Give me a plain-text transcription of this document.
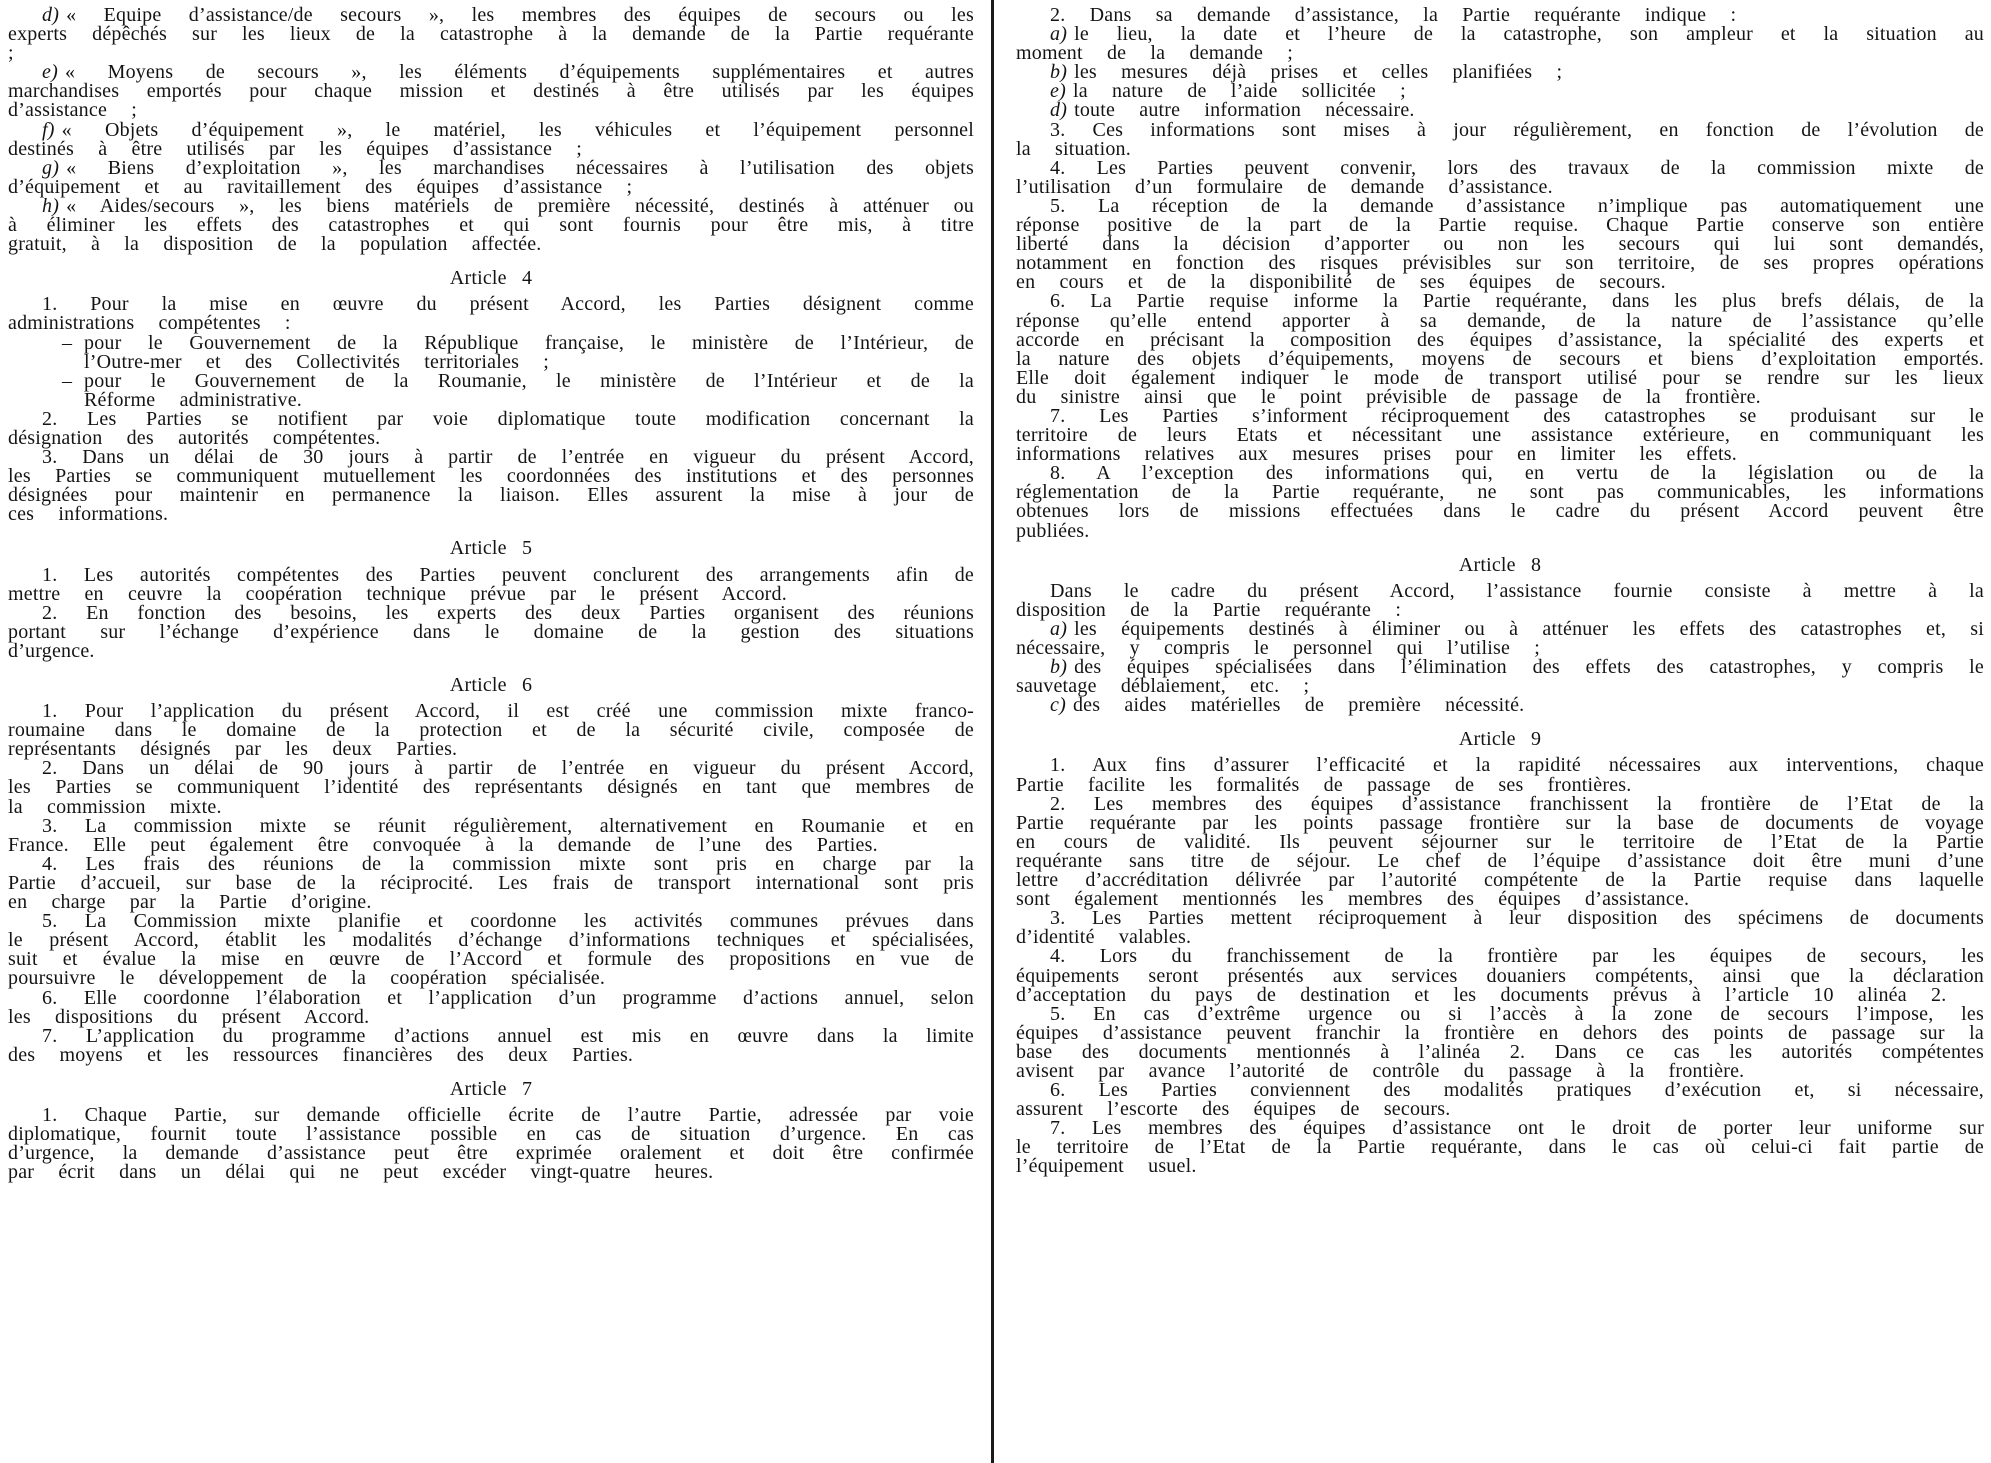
d) « Equipe d’assistance/de secours », les membres des équipes de secours ou les experts dépêchés sur les lieux de la catastrophe à la demande de la Partie requérante ;

e) « Moyens de secours », les éléments d’équipements supplémentaires et autres marchandises emportés pour chaque mission et destinés à être utilisés par les équipes d’assistance ;

f) « Objets d’équipement », le matériel, les véhicules et l’équipement personnel destinés à être utilisés par les équipes d’assistance ;

g) « Biens d’exploitation », les marchandises nécessaires à l’utilisation des objets d’équipement et au ravitaillement des équipes d’assistance ;

h) « Aides/secours », les biens matériels de première nécessité, destinés à atténuer ou à éliminer les effets des catastrophes et qui sont fournis pour être mis, à titre gratuit, à la disposition de la population affectée.

Article 4

1. Pour la mise en œuvre du présent Accord, les Parties désignent comme administrations compétentes :

– pour le Gouvernement de la République française, le ministère de l’Intérieur, de l’Outre-mer et des Collectivités territoriales ;

– pour le Gouvernement de la Roumanie, le ministère de l’Intérieur et de la Réforme administrative.

2. Les Parties se notifient par voie diplomatique toute modification concernant la désignation des autorités compétentes.

3. Dans un délai de 30 jours à partir de l’entrée en vigueur du présent Accord, les Parties se communiquent mutuellement les coordonnées des institutions et des personnes désignées pour maintenir en permanence la liaison. Elles assurent la mise à jour de ces informations.

Article 5

1. Les autorités compétentes des Parties peuvent conclurent des arrangements afin de mettre en ceuvre la coopération technique prévue par le présent Accord.

2. En fonction des besoins, les experts des deux Parties organisent des réunions portant sur l’échange d’expérience dans le domaine de la gestion des situations d’urgence.

Article 6

1. Pour l’application du présent Accord, il est créé une commission mixte franco-roumaine dans le domaine de la protection et de la sécurité civile, composée de représentants désignés par les deux Parties.

2. Dans un délai de 90 jours à partir de l’entrée en vigueur du présent Accord, les Parties se communiquent l’identité des représentants désignés en tant que membres de la commission mixte.

3. La commission mixte se réunit régulièrement, alternativement en Roumanie et en France. Elle peut également être convoquée à la demande de l’une des Parties.

4. Les frais des réunions de la commission mixte sont pris en charge par la Partie d’accueil, sur base de la réciprocité. Les frais de transport international sont pris en charge par la Partie d’origine.

5. La Commission mixte planifie et coordonne les activités communes prévues dans le présent Accord, établit les modalités d’échange d’informations techniques et spécialisées, suit et évalue la mise en œuvre de l’Accord et formule des propositions en vue de poursuivre le développement de la coopération spécialisée.

6. Elle coordonne l’élaboration et l’application d’un programme d’actions annuel, selon les dispositions du présent Accord.

7. L’application du programme d’actions annuel est mis en œuvre dans la limite des moyens et les ressources financières des deux Parties.

Article 7

1. Chaque Partie, sur demande officielle écrite de l’autre Partie, adressée par voie diplomatique, fournit toute l’assistance possible en cas de situation d’urgence. En cas d’urgence, la demande d’assistance peut être exprimée oralement et doit être confirmée par écrit dans un délai qui ne peut excéder vingt-quatre heures.

2. Dans sa demande d’assistance, la Partie requérante indique :

a) le lieu, la date et l’heure de la catastrophe, son ampleur et la situation au moment de la demande ;

b) les mesures déjà prises et celles planifiées ;

e) la nature de l’aide sollicitée ;

d) toute autre information nécessaire.

3. Ces informations sont mises à jour régulièrement, en fonction de l’évolution de la situation.

4. Les Parties peuvent convenir, lors des travaux de la commission mixte de l’utilisation d’un formulaire de demande d’assistance.

5. La réception de la demande d’assistance n’implique pas automatiquement une réponse positive de la part de la Partie requise. Chaque Partie conserve son entière liberté dans la décision d’apporter ou non les secours qui lui sont demandés, notamment en fonction des risques prévisibles sur son territoire, de ses propres opérations en cours et de la disponibilité de ses équipes de secours.

6. La Partie requise informe la Partie requérante, dans les plus brefs délais, de la réponse qu’elle entend apporter à sa demande, de la nature de l’assistance qu’elle accorde en précisant la composition des équipes d’assistance, la spécialité des experts et la nature des objets d’équipements, moyens de secours et biens d’exploitation emportés. Elle doit également indiquer le mode de transport utilisé pour se rendre sur les lieux du sinistre ainsi que le point prévisible de passage de la frontière.

7. Les Parties s’informent réciproquement des catastrophes se produisant sur le territoire de leurs Etats et nécessitant une assistance extérieure, en communiquant les informations relatives aux mesures prises pour en limiter les effets.

8. A l’exception des informations qui, en vertu de la législation ou de la réglementation de la Partie requérante, ne sont pas communicables, les informations obtenues lors de missions effectuées dans le cadre du présent Accord peuvent être publiées.

Article 8

Dans le cadre du présent Accord, l’assistance fournie consiste à mettre à la disposition de la Partie requérante :

a) les équipements destinés à éliminer ou à atténuer les effets des catastrophes et, si nécessaire, y compris le personnel qui l’utilise ;

b) des équipes spécialisées dans l’élimination des effets des catastrophes, y compris le sauvetage déblaiement, etc. ;

c) des aides matérielles de première nécessité.

Article 9

1. Aux fins d’assurer l’efficacité et la rapidité nécessaires aux interventions, chaque Partie facilite les formalités de passage de ses frontières.

2. Les membres des équipes d’assistance franchissent la frontière de l’Etat de la Partie requérante par les points passage frontière sur la base de documents de voyage en cours de validité. Ils peuvent séjourner sur le territoire de l’Etat de la Partie requérante sans titre de séjour. Le chef de l’équipe d’assistance doit être muni d’une lettre d’accréditation délivrée par l’autorité compétente de la Partie requise dans laquelle sont également mentionnés les membres des équipes d’assistance.

3. Les Parties mettent réciproquement à leur disposition des spécimens de documents d’identité valables.

4. Lors du franchissement de la frontière par les équipes de secours, les équipements seront présentés aux services douaniers compétents, ainsi que la déclaration d’acceptation du pays de destination et les documents prévus à l’article 10 alinéa 2.

5. En cas d’extrême urgence ou si l’accès à la zone de secours l’impose, les équipes d’assistance peuvent franchir la frontière en dehors des points de passage sur la base des documents mentionnés à l’alinéa 2. Dans ce cas les autorités compétentes avisent par avance l’autorité de contrôle du passage à la frontière.

6. Les Parties conviennent des modalités pratiques d’exécution et, si nécessaire, assurent l’escorte des équipes de secours.

7. Les membres des équipes d’assistance ont le droit de porter leur uniforme sur le territoire de l’Etat de la Partie requérante, dans le cas où celui-ci fait partie de l’équipement usuel.
